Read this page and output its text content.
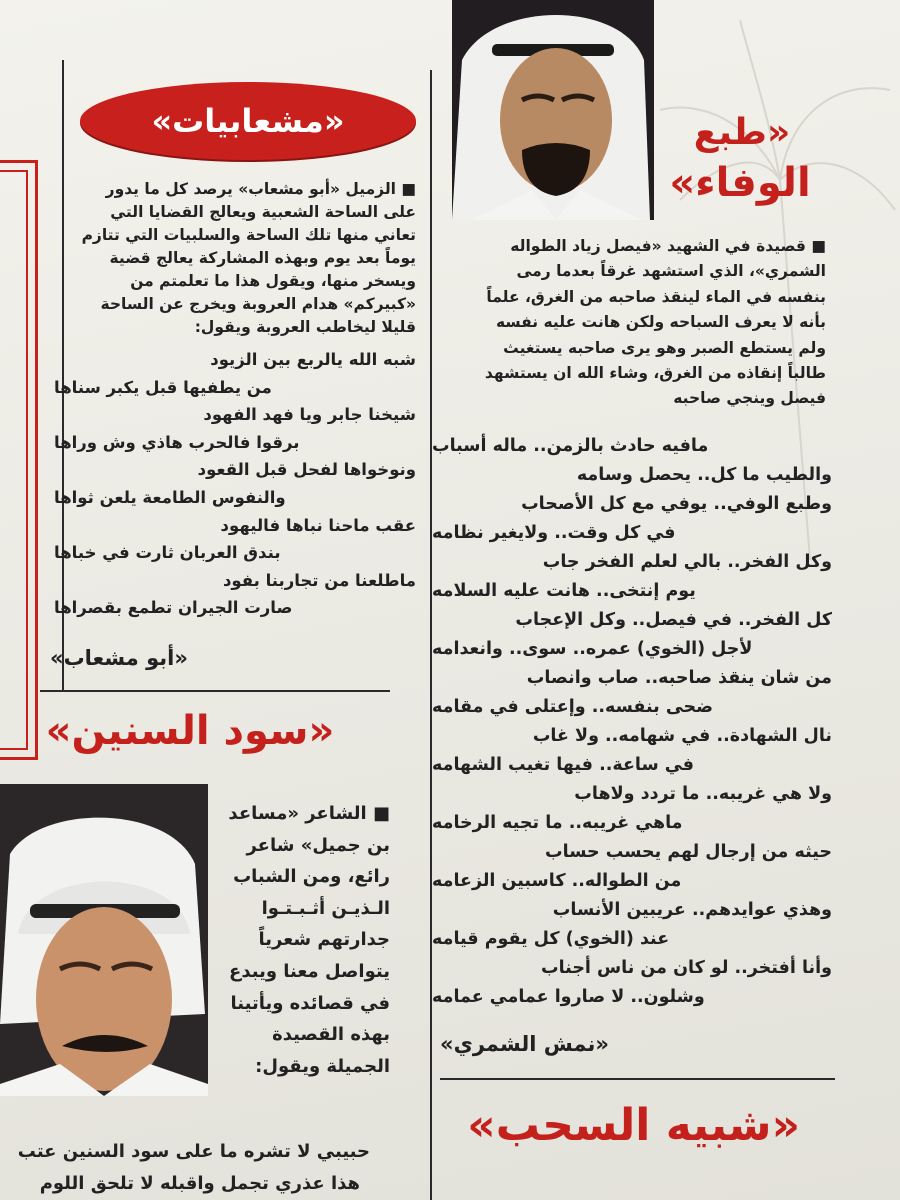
«مشعابيات»
■ الزميل «أبو مشعاب» يرصد كل ما يدور
على الساحة الشعبية ويعالج القضايا التي
تعاني منها تلك الساحة والسلبيات التي تتازم
يوماً بعد يوم وبهذه المشاركة يعالج قضية
ويسخر منها، ويقول هذا ما تعلمتم من
«كبيركم» هدام العروبة ويخرج عن الساحة
قليلا ليخاطب العروبة ويقول:
شبه الله يالربع بين الزيود
من يطفيها قبل يكبر سناها
شيخنا جابر ويا فهد الفهود
برقوا فالحرب هاذي وش وراها
ونوخواها لفحل قبل القعود
والنفوس الطامعة يلعن ثواها
عقب ماحنا نباها فاليهود
بندق العربان ثارت في خباها
ماطلعنا من تجاربنا بفود
صارت الجيران تطمع بقصراها
«أبو مشعاب»
«سود السنين»
■ الشاعر «مساعد
بن جميل» شاعر
رائع، ومن الشباب
الـذيـن أثـبـتـوا
جدارتهم شعرياً
يتواصل معنا ويبدع
في قصائده ويأتينا
بهذه القصيدة
الجميلة ويقول:
حبيبي لا تشره ما على سود السنين عتب
هذا عذري تجمل واقبله لا تلحق اللوم
«طبع
الوفاء»
■ قصيدة في الشهيد «فيصل زياد الطواله
الشمري»، الذي استشهد غرقاً بعدما رمى
بنفسه في الماء لينقذ صاحبه من الغرق، علماً
بأنه لا يعرف السباحه ولكن هانت عليه نفسه
ولم يستطع الصبر وهو يرى صاحبه يستغيث
طالباً إنقاذه من الغرق، وشاء الله ان يستشهد
فيصل وينجي صاحبه
مافيه حادث بالزمن.. ماله أسباب
والطيب ما كل.. يحصل وسامه
وطبع الوفي.. يوفي مع كل الأصحاب
في كل وقت.. ولايغير نظامه
وكل الفخر.. بالي لعلم الفخر جاب
يوم إنتخى.. هانت عليه السلامه
كل الفخر.. في فيصل.. وكل الإعجاب
لأجل (الخوي) عمره.. سوى.. وانعدامه
من شان ينقذ صاحبه.. صاب وانصاب
ضحى بنفسه.. وإعتلى في مقامه
نال الشهادة.. في شهامه.. ولا غاب
في ساعة.. فيها تغيب الشهامه
ولا هي غريبه.. ما تردد ولاهاب
ماهي غريبه.. ما تجيه الرخامه
حيثه من إرجال لهم يحسب حساب
من الطواله.. كاسبين الزعامه
وهذي عوايدهم.. عريبين الأنساب
عند (الخوي) كل يقوم قيامه
وأنا أفتخر.. لو كان من ناس أجناب
وشلون.. لا صاروا عمامي عمامه
«نمش الشمري»
«شبيه السحب»
